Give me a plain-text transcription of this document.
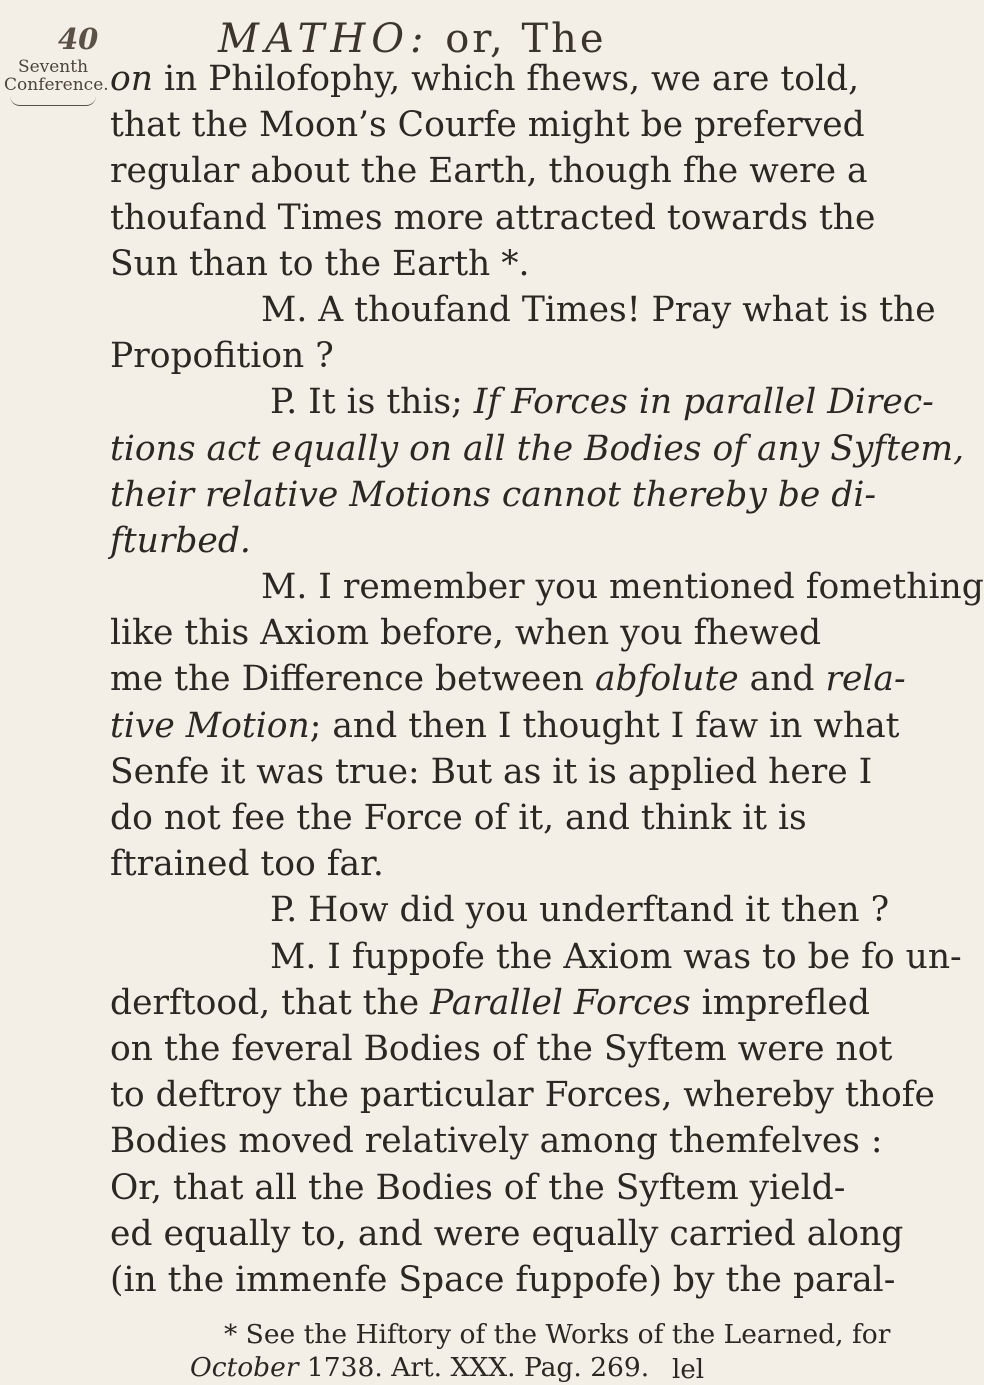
40	MATHO: or, The
Seventh
Conference. on in Philofophy, which fhews, we are told,
that the Moon’s Courfe might be preferved
regular about the Earth, though fhe were a
thoufand Times more attracted towards the
Sun than to the Earth *.
M. A thoufand Times! Pray what is the
Propofition ?
P. It is this; If Forces in parallel Direc-
tions act equally on all the Bodies of any Syftem,
their relative Motions cannot thereby be di-
fturbed.
M. I remember you mentioned fomething
like this Axiom before, when you fhewed
me the Difference between abfolute and rela-
tive Motion; and then I thought I faw in what
Senfe it was true: But as it is applied here I
do not fee the Force of it, and think it is
ftrained too far.
P. How did you underftand it then ?
M. I fuppofe the Axiom was to be fo un-
derftood, that the Parallel Forces imprefled
on the feveral Bodies of the Syftem were not
to deftroy the particular Forces, whereby thofe
Bodies moved relatively among themfelves :
Or, that all the Bodies of the Syftem yield-
ed equally to, and were equally carried along
(in the immenfe Space fuppofe) by the paral-
* See the Hiftory of the Works of the Learned, for
October 1738. Art. XXX. Pag. 269. lel
